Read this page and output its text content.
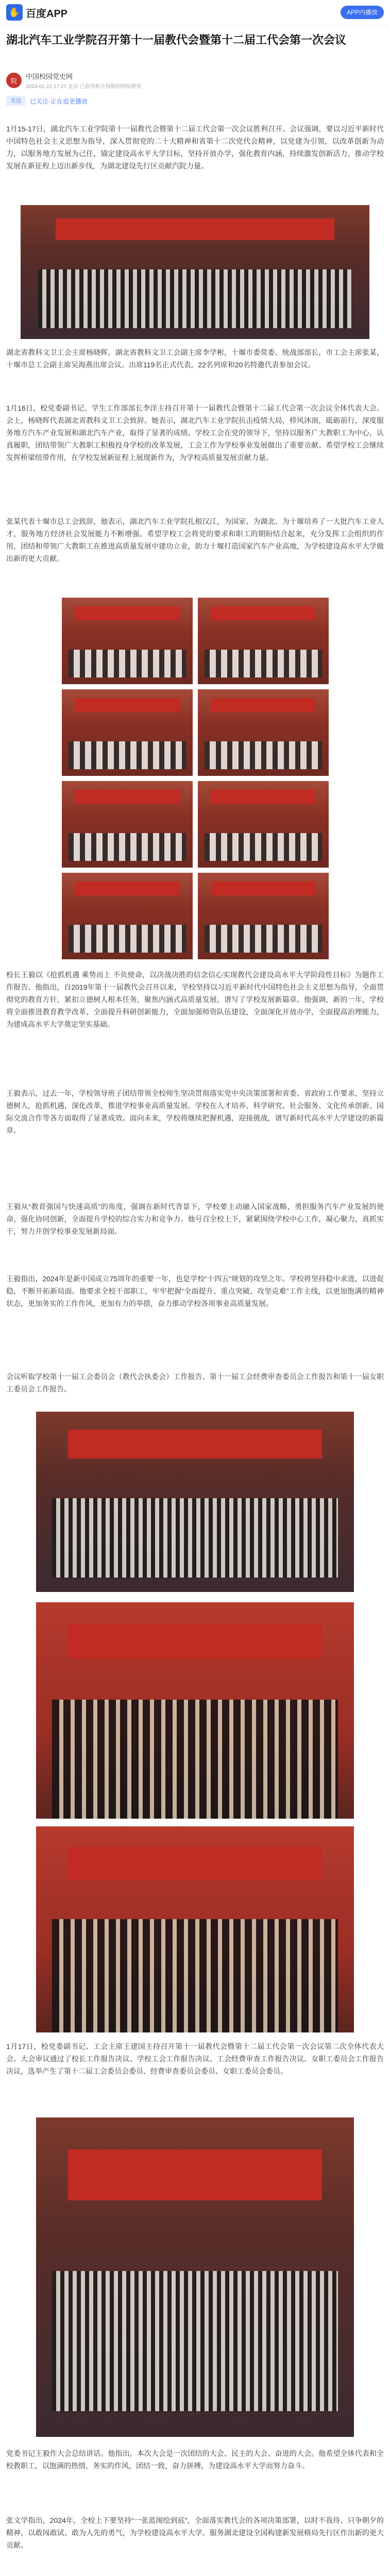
✋ 百度APP	APP内播放
湖北汽车工业学院召开第十一届教代会暨第十二届工代会第一次会议
院
中国校园党史网
2024-01-22 17:27 北京 已获得相关权限的网站使用
关注	已关注·正在追更播放
1月15-17日，湖北汽车工业学院第十一届教代会暨第十二届工代会第一次会议胜利召开。会议强调，要以习近平新时代中国特色社会主义思想为指导，深入贯彻党的二十大精神和省第十二次党代会精神，以党建为引领，以改革创新为动力，以服务地方发展为己任，锚定建设高水平大学目标，坚持开放办学，强化教育内涵，持续激发创新活力，推动学校发展在新征程上迈出新步伐，为湖北建设先行区贡献汽院力量。
湖北省教科文卫工会主席杨晓晖，湖北省教科文卫工会副主席李学彬，十堰市委常委、统战部部长，市工会主席张某，十堰市总工会副主席吴海燕出席会议。出席119名正式代表，22名列席和20名特邀代表参加会议。
1月16日，校党委副书记、学生工作部部长李洋主持召开第十一届教代会暨第十二届工代会第一次会议全体代表大会。会上，杨晓晖代表湖北省教科文卫工会致辞。她表示，湖北汽车工业学院抗击疫情大局，栉风沐雨，砥砺前行，深度服务地方汽车产业发展和湖北汽车产业，取得了显著的成绩。学校工会在党的领导下，坚持以服务广大教职工为中心，认真履职，团结带领广大教职工积极投身学校的改革发展，工会工作为学校事业发展做出了重要贡献。希望学校工会继续发挥桥梁纽带作用，在学校发展新征程上展现新作为，为学校高质量发展贡献力量。
张某代表十堰市总工会致辞，他表示，湖北汽车工业学院扎根汉江，为国家、为湖北、为十堰培养了一大批汽车工业人才，服务地方经济社会发展能力不断增强。希望学校工会将党的要求和职工的期盼结合起来，充分发挥工会组织的作用，团结和带领广大教职工在推进高质量发展中建功立业，助力十堰打造国家汽车产业高地，为学校建设高水平大学做出新的更大贡献。
校长王毅以《抢抓机遇 乘势而上 不负使命，以决战决胜的信念信心实现教代会建设高水平大学阶段性目标》为题作工作报告。他指出，自2019年第十一届教代会召开以来，学校坚持以习近平新时代中国特色社会主义思想为指导，全面贯彻党的教育方针，紧扣立德树人根本任务，聚焦内涵式高质量发展，谱写了学校发展新篇章。他强调，新的一年，学校将全面推进教育教学改革、全面提升科研创新能力，全面加强师资队伍建设，全面深化开放办学，全面提高治理能力，为建成高水平大学奠定坚实基础。
王毅表示，过去一年，学校领导班子团结带领全校师生坚决贯彻落实党中央决策部署和省委、省政府工作要求，坚持立德树人，抢抓机遇，深化改革，推进学校事业高质量发展。学校在人才培养、科学研究、社会服务、文化传承创新、国际交流合作等各方面取得了显著成效。面向未来，学校将继续把握机遇，迎接挑战，谱写新时代高水平大学建设的新篇章。
王毅从“教育强国与快速高质”的角度，强调在新时代背景下，学校要主动融入国家战略，勇担服务汽车产业发展的使命，强化协同创新，全面提升学校的综合实力和竞争力。他号召全校上下，紧紧围绕学校中心工作，凝心聚力，真抓实干，努力开创学校事业发展新局面。
王毅指出，2024年是新中国成立75周年的重要一年，也是学校“十四五”规划的攻坚之年。学校将坚持稳中求进，以进促稳，不断开拓新局面。他要求全校干部职工，牢牢把握“全面提升、重点突破、攻坚克难”工作主线，以更加饱满的精神状态，更加务实的工作作风，更加有力的举措，奋力推动学校各项事业高质量发展。
会议听取学校第十一届工会委员会（教代会执委会）工作报告、第十一届工会经费审查委员会工作报告和第十一届女职工委员会工作报告。
1月17日，校党委副书记、工会主席王建国主持召开第十一届教代会暨第十二届工代会第一次会议第二次全体代表大会。大会审议通过了校长工作报告决议、学校工会工作报告决议、工会经费审查工作报告决议、女职工委员会工作报告决议，选举产生了第十二届工会委员会委员、经费审查委员会委员、女职工委员会委员。
党委书记王毅作大会总结讲话。他指出，本次大会是一次团结的大会、民主的大会、奋进的大会。他希望全体代表和全校教职工，以饱满的热情，务实的作风，团结一致，奋力拼搏，为建设高水平大学而努力奋斗。
张文学指出，2024年，全校上下要坚持“一张蓝图绘到底”，全面落实教代会的各项决策部署，以时不我待、只争朝夕的精神，以敢闯敢试、敢为人先的勇气，为学校建设高水平大学、服务湖北建设全国构建新发展格局先行区作出新的更大贡献。
